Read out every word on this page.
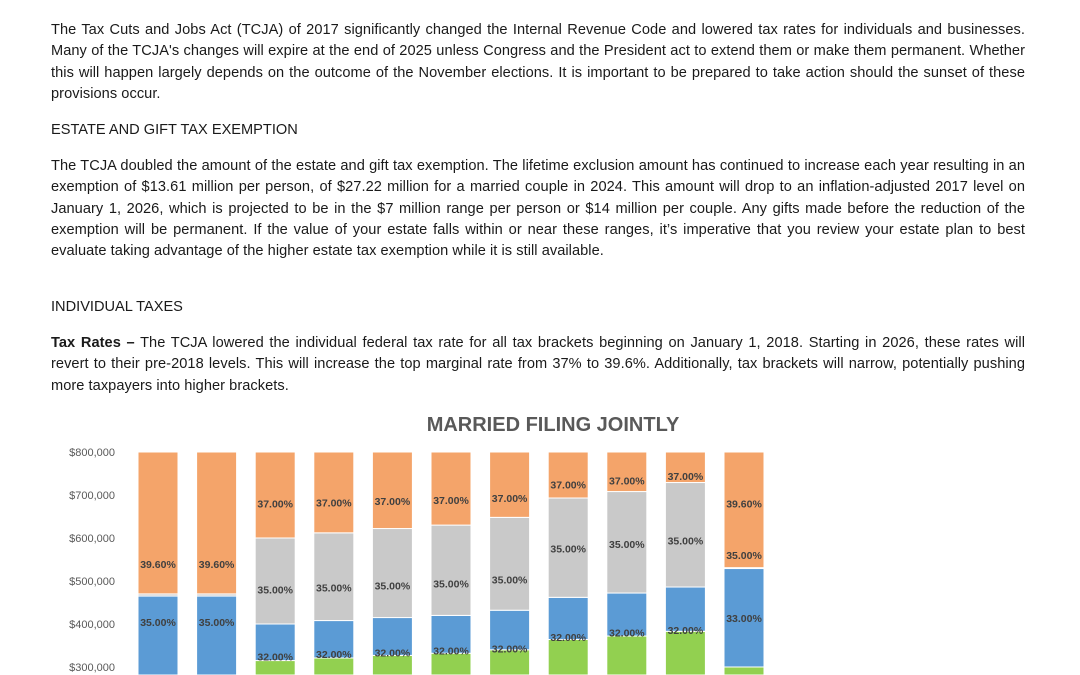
The Tax Cuts and Jobs Act (TCJA) of 2017 significantly changed the Internal Revenue Code and lowered tax rates for individuals and businesses. Many of the TCJA's changes will expire at the end of 2025 unless Congress and the President act to extend them or make them permanent. Whether this will happen largely depends on the outcome of the November elections. It is important to be prepared to take action should the sunset of these provisions occur.

ESTATE AND GIFT TAX EXEMPTION

The TCJA doubled the amount of the estate and gift tax exemption. The lifetime exclusion amount has continued to increase each year resulting in an exemption of $13.61 million per person, of $27.22 million for a married couple in 2024. This amount will drop to an inflation-adjusted 2017 level on January 1, 2026, which is projected to be in the $7 million range per person or $14 million per couple. Any gifts made before the reduction of the exemption will be permanent. If the value of your estate falls within or near these ranges, it’s imperative that you review your estate plan to best evaluate taking advantage of the higher estate tax exemption while it is still available.

INDIVIDUAL TAXES

Tax Rates – The TCJA lowered the individual federal tax rate for all tax brackets beginning on January 1, 2018. Starting in 2026, these rates will revert to their pre-2018 levels. This will increase the top marginal rate from 37% to 39.6%. Additionally, tax brackets will narrow, potentially pushing more taxpayers into higher brackets.

MARRIED FILING JOINTLY
$800,000
$700,000
$600,000
$500,000
$400,000
$300,000
35.00%
39.60%
35.00%
39.60%
32.00%
35.00%
37.00%
32.00%
35.00%
37.00%
32.00%
35.00%
37.00%
32.00%
35.00%
37.00%
32.00%
35.00%
37.00%
32.00%
35.00%
37.00%
32.00%
35.00%
37.00%
32.00%
35.00%
37.00%
33.00%
35.00%
39.60%
